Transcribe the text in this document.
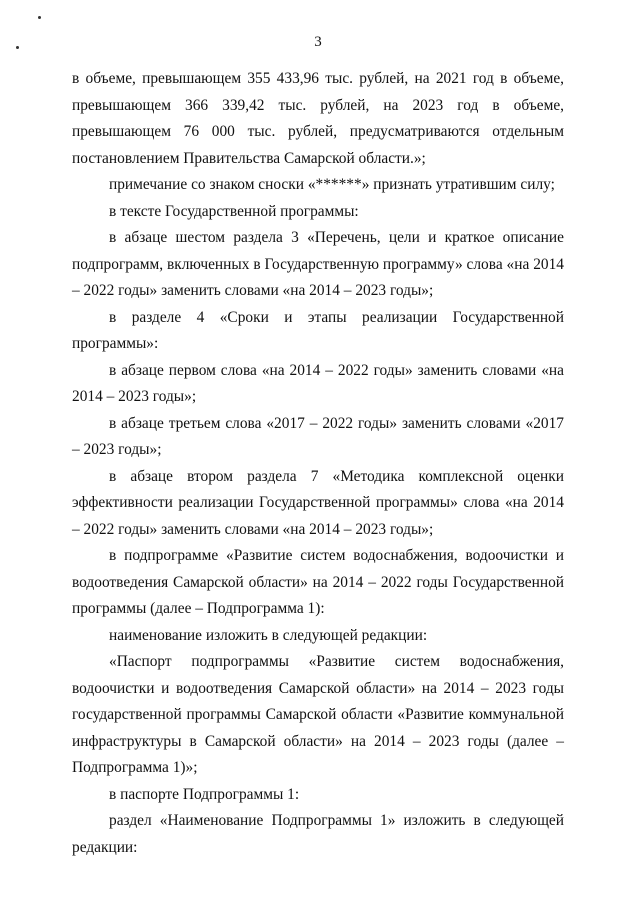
3

в объеме, превышающем 355 433,96 тыс. рублей, на 2021 год в объеме, превышающем 366 339,42 тыс. рублей, на 2023 год в объеме, превышающем 76 000 тыс. рублей, предусматриваются отдельным постановлением Правительства Самарской области.»;

примечание со знаком сноски «******» признать утратившим силу;

в тексте Государственной программы:

в абзаце шестом раздела 3 «Перечень, цели и краткое описание подпрограмм, включенных в Государственную программу» слова «на 2014 – 2022 годы» заменить словами «на 2014 – 2023 годы»;

в разделе 4 «Сроки и этапы реализации Государственной программы»:

в абзаце первом слова «на 2014 – 2022 годы» заменить словами «на 2014 – 2023 годы»;

в абзаце третьем слова «2017 – 2022 годы» заменить словами «2017 – 2023 годы»;

в абзаце втором раздела 7 «Методика комплексной оценки эффективности реализации Государственной программы» слова «на 2014 – 2022 годы» заменить словами «на 2014 – 2023 годы»;

в подпрограмме «Развитие систем водоснабжения, водоочистки и водоотведения Самарской области» на 2014 – 2022 годы Государственной программы (далее – Подпрограмма 1):

наименование изложить в следующей редакции:

«Паспорт подпрограммы «Развитие систем водоснабжения, водоочистки и водоотведения Самарской области» на 2014 – 2023 годы государственной программы Самарской области «Развитие коммунальной инфраструктуры в Самарской области» на 2014 – 2023 годы (далее – Подпрограмма 1)»;

в паспорте Подпрограммы 1:

раздел «Наименование Подпрограммы 1» изложить в следующей редакции:
